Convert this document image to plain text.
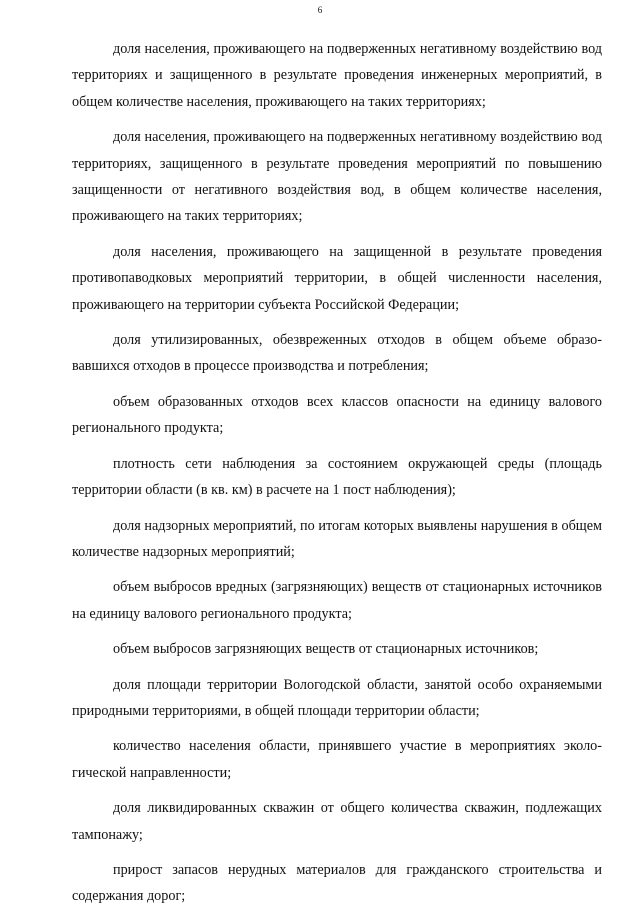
6

доля населения, проживающего на подверженных негативному воздействию вод территориях и защищенного в результате проведения инженерных мероприятий, в общем количестве населения, проживающего на таких территориях;

доля населения, проживающего на подверженных негативному воздействию вод территориях, защищенного в результате проведения мероприятий по повышению защищенности от негативного воздействия вод, в общем количестве населения, проживающего на таких территориях;

доля населения, проживающего на защищенной в результате проведения противопаводковых мероприятий территории, в общей численности населения, проживающего на территории субъекта Российской Федерации;

доля утилизированных, обезвреженных отходов в общем объеме образовавшихся отходов в процессе производства и потребления;

объем образованных отходов всех классов опасности на единицу валового регионального продукта;

плотность сети наблюдения за состоянием окружающей среды (площадь территории области (в кв. км) в расчете на 1 пост наблюдения);

доля надзорных мероприятий, по итогам которых выявлены нарушения в общем количестве надзорных мероприятий;

объем выбросов вредных (загрязняющих) веществ от стационарных источников на единицу валового регионального продукта;

объем выбросов загрязняющих веществ от стационарных источников;

доля площади территории Вологодской области, занятой особо охраняемыми природными территориями, в общей площади территории области;

количество населения области, принявшего участие в мероприятиях экологической направленности;

доля ликвидированных скважин от общего количества скважин, подлежащих тампонажу;

прирост запасов нерудных материалов для гражданского строительства и содержания дорог;
